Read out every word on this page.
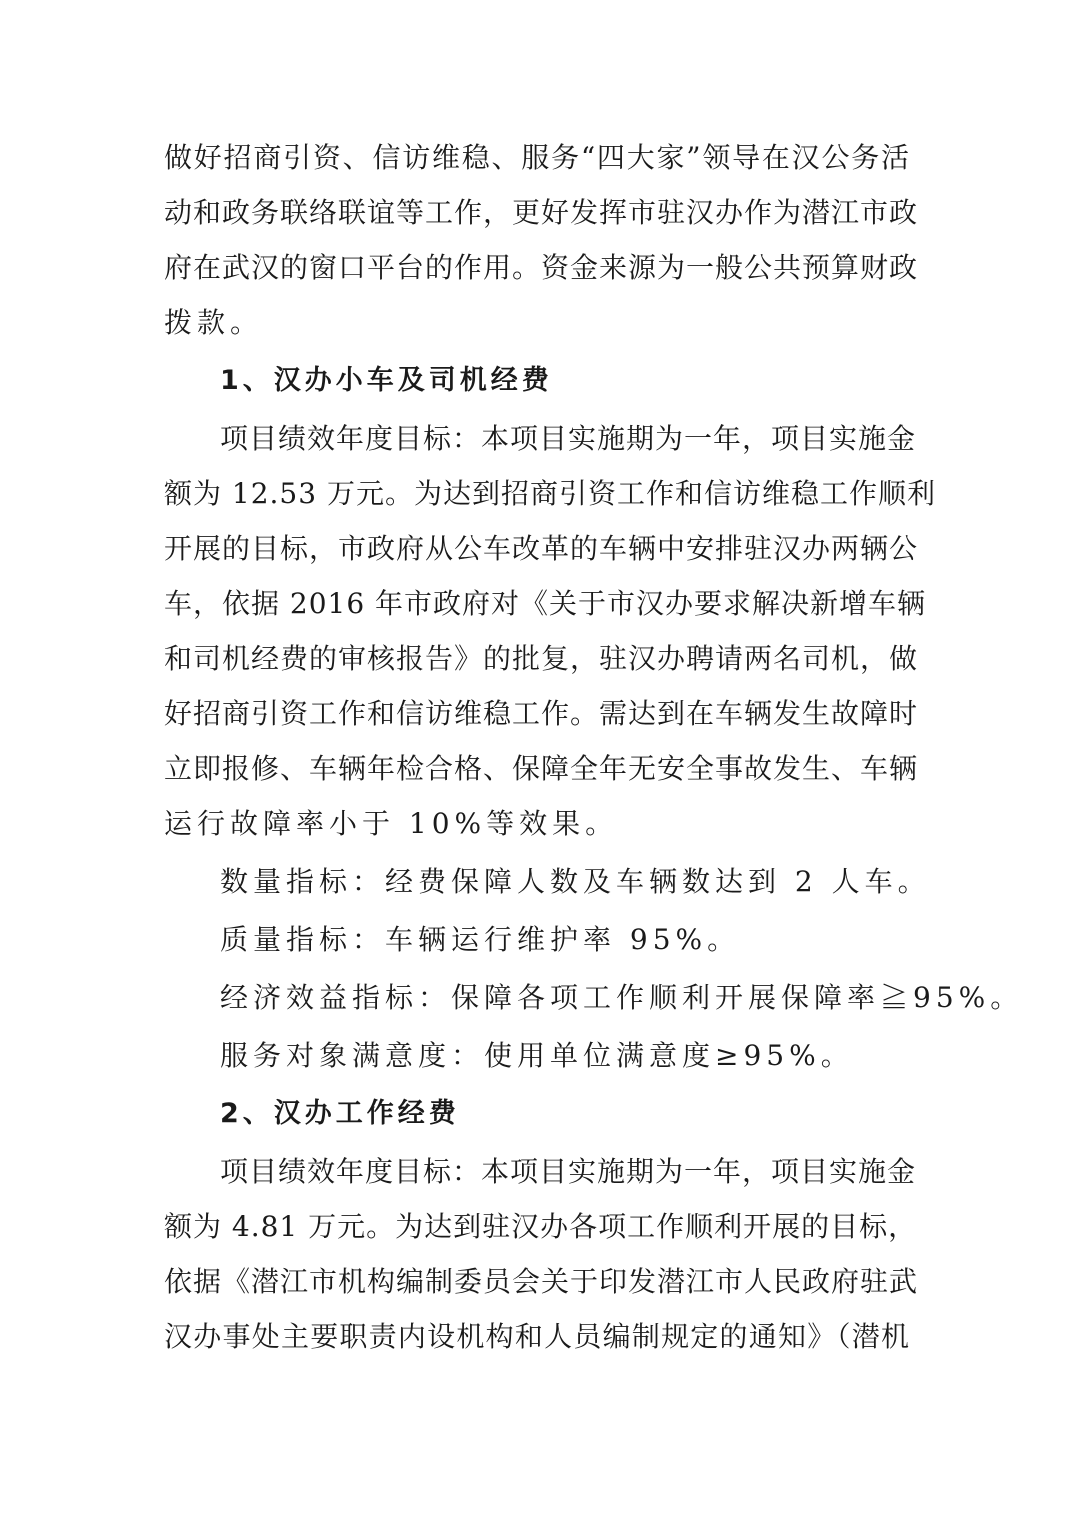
做好招商引资、信访维稳、服务“四大家”领导在汉公务活
动和政务联络联谊等工作，更好发挥市驻汉办作为潜江市政
府在武汉的窗口平台的作用。资金来源为一般公共预算财政
拨款。
1、汉办小车及司机经费
项目绩效年度目标：本项目实施期为一年，项目实施金
额为 12.53 万元。为达到招商引资工作和信访维稳工作顺利
开展的目标，市政府从公车改革的车辆中安排驻汉办两辆公
车，依据 2016 年市政府对《关于市汉办要求解决新增车辆
和司机经费的审核报告》的批复，驻汉办聘请两名司机，做
好招商引资工作和信访维稳工作。需达到在车辆发生故障时
立即报修、车辆年检合格、保障全年无安全事故发生、车辆
运行故障率小于 10%等效果。
数量指标：经费保障人数及车辆数达到 2 人车。
质量指标：车辆运行维护率 95%。
经济效益指标：保障各项工作顺利开展保障率≧95%。
服务对象满意度：使用单位满意度≥95%。
2、汉办工作经费
项目绩效年度目标：本项目实施期为一年，项目实施金
额为 4.81 万元。为达到驻汉办各项工作顺利开展的目标，
依据《潜江市机构编制委员会关于印发潜江市人民政府驻武
汉办事处主要职责内设机构和人员编制规定的通知》（潜机
